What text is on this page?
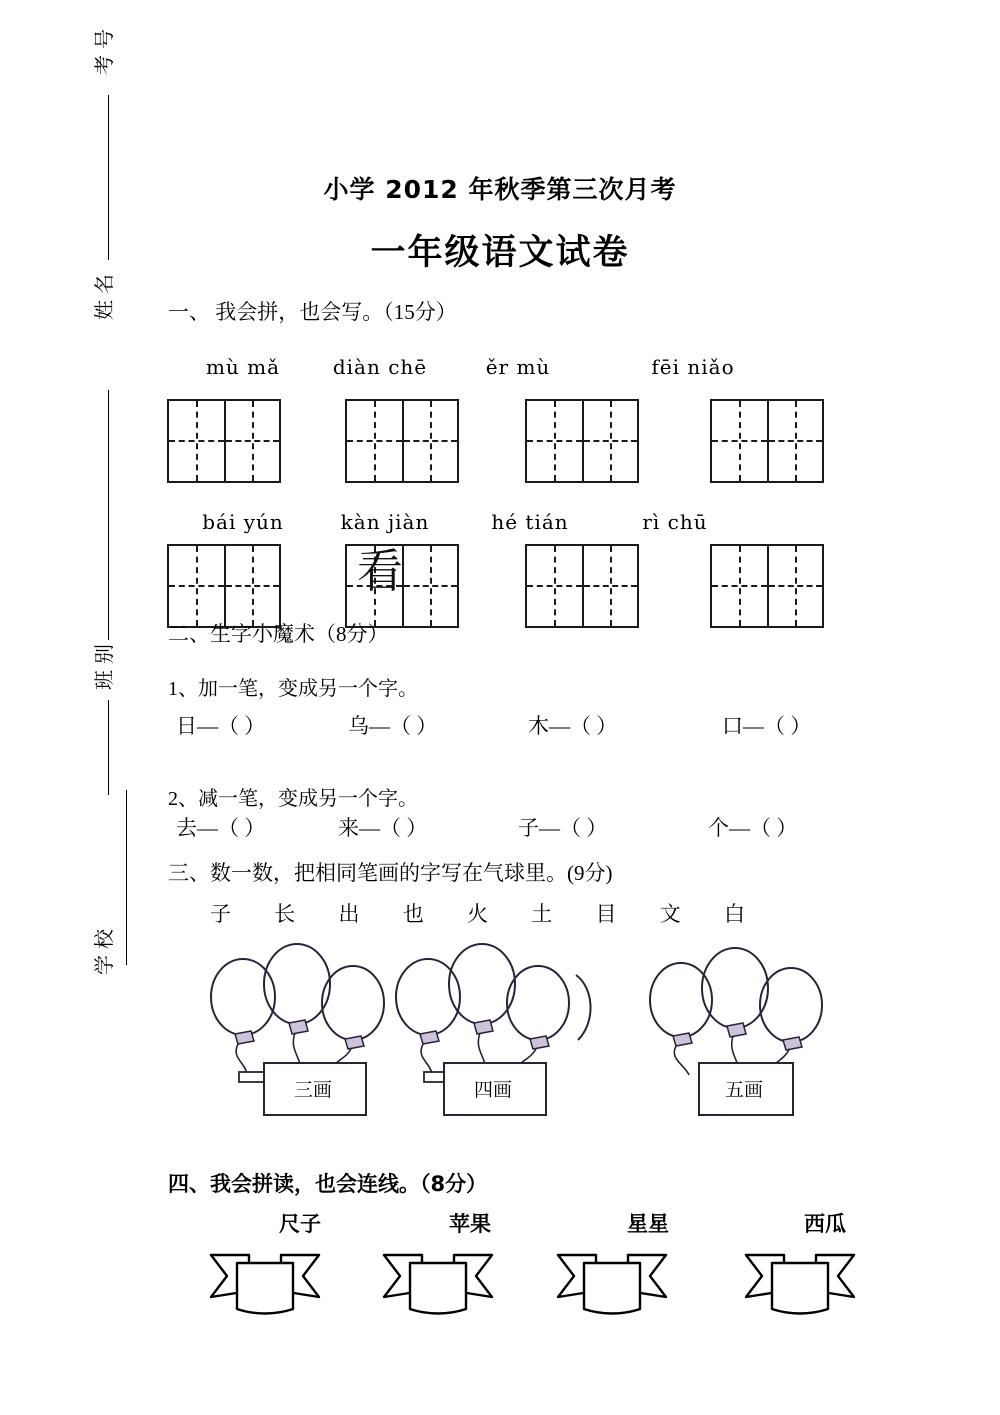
考号
姓名
班别
学校
小学 2012 年秋季第三次月考
一年级语文试卷
一、 我会拼，也会写。（15分）
mù mǎ	diàn chē	ěr mù	fēi niǎo
bái yún	kàn jiàn	hé tián	rì chū
看
二、生字小魔术（8分）
1、加一笔，变成另一个字。
日—（ ）	乌—（ ）	木—（ ）	口—（ ）
2、减一笔，变成另一个字。
去—（ ）	来—（ ）	子—（ ）	个—（ ）
三、数一数，把相同笔画的字写在气球里。(9分)
子 长 出 也 火 土 目 文 白
三画	四画	五画
四、我会拼读，也会连线。（8分）
尺子	苹果	星星	西瓜
